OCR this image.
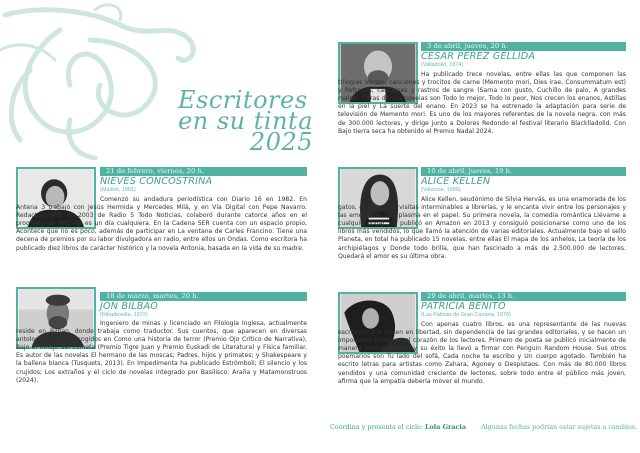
Escritores
en su tinta
2025
21 de febrero, viernes, 20 h.
NIEVES CONCOSTRINA
(Madrid, 1961)

Comenzó su andadura periodística con Diario 16 en 1982. En Antena 3 trabajó con Jesús Hermida y Mercedes Milá, y en Vía Digital con Pepe Navarro. Redactora jefa en 2003 de Radio 5 Todo Noticias, colaboró durante catorce años en el programa de RNE No es un día cualquiera. En la Cadena SER cuenta con un espacio propio, Acontece que no es poco, además de participar en La ventana de Carles Francino. Tiene una decena de premios por su labor divulgadora en radio, entre ellos un Ondas. Como escritora ha publicado diez libros de carácter histórico y la novela Antonia, basada en la vida de su madre.

18 de marzo, martes, 20 h.
JON BILBAO
(Ribadesella, 1972)

Ingeniero de minas y licenciado en Filología Inglesa, actualmente reside en Bilbao, donde trabaja como traductor. Sus cuentos, que aparecen en diversas antologías, están recogidos en Como una historia de terror (Premio Ojo Crítico de Narrativa), Bajo el influjo del cometa (Premio Tigre Juan y Premio Euskadi de Literatura) y Física familiar. Es autor de las novelas El hermano de las moscas; Padres, hijos y primates; y Shakespeare y la ballena blanca (Tusquets, 2013). En Impedimenta ha publicado Estrómboli; El silencio y los crujidos; Los extraños y el ciclo de novelas integrado por Basilisco; Araña y Matamonstruos (2024).

3 de abril, jueves, 20 h.
CÉSAR PÉREZ GELLIDA
(Valladolid, 1974)

Ha publicado trece novelas, entre ellas las que componen las trilogías Versos, canciones y trocitos de carne (Memento mori, Dies irae, Consummatum est) y Refranes, canciones y rastros de sangre (Sarna con gusto, Cuchillo de palo, A grandes males). Otras de sus novelas son Todo lo mejor, Todo lo peor, Nos crecen los enanos, Astillas en la piel y La suerte del enano. En 2023 se ha estrenado la adaptación para serie de televisión de Memento mori. Es uno de los mayores referentes de la novela negra, con más de 300.000 lectores, y dirige junto a Dolores Redondo el festival literario Blacklladolid. Con Bajo tierra seca ha obtenido el Premio Nadal 2024.

10 de abril, jueves, 19 h.
ALICE KELLEN
(Valencia, 1989)

Alice Kellen, seudónimo de Silvia Hervás, es una enamorada de los gatos, el arte y las visitas interminables a librerías, y le encanta vivir entre los personajes y las emociones que plasma en el papel. Su primera novela, la comedia romántica Llévame a cualquier lugar, se publicó en Amazon en 2013 y consiguió posicionarse como uno de los libros más vendidos, lo que llamó la atención de varias editoriales. Actualmente bajo el sello Planeta, en total ha publicado 15 novelas, entre ellas El mapa de los anhelos, La teoría de los archipiélagos y Donde todo brilla, que han fascinado a más de 2.500.000 de lectores. Quedará el amor es su última obra.

29 de abril, martes, 13 h.
PATRICIA BENITO
(Las Palmas de Gran Canaria, 1978)

Con apenas cuatro libros, es una representante de las nuevas escritoras que nacen en libertad, sin dependencia de las grandes editoriales, y se hacen un importante hueco en el corazón de los lectores. Primero de poeta se publicó inicialmente de manera independiente, y su éxito la llevó a firmar con Penguin Random House. Sus otros poemarios son Tu lado del sofá, Cada noche te escribo y Un cuerpo agotado. También ha escrito letras para artistas como Zahara, Agoney o Despistaos. Con más de 80.000 libros vendidos y una comunidad creciente de lectores, sobre todo entre el público más joven, afirma que la empatía debería mover el mundo.

Coordina y presenta el ciclo: Lola Gracia Algunas fechas podrían estar sujetas a cambios.
